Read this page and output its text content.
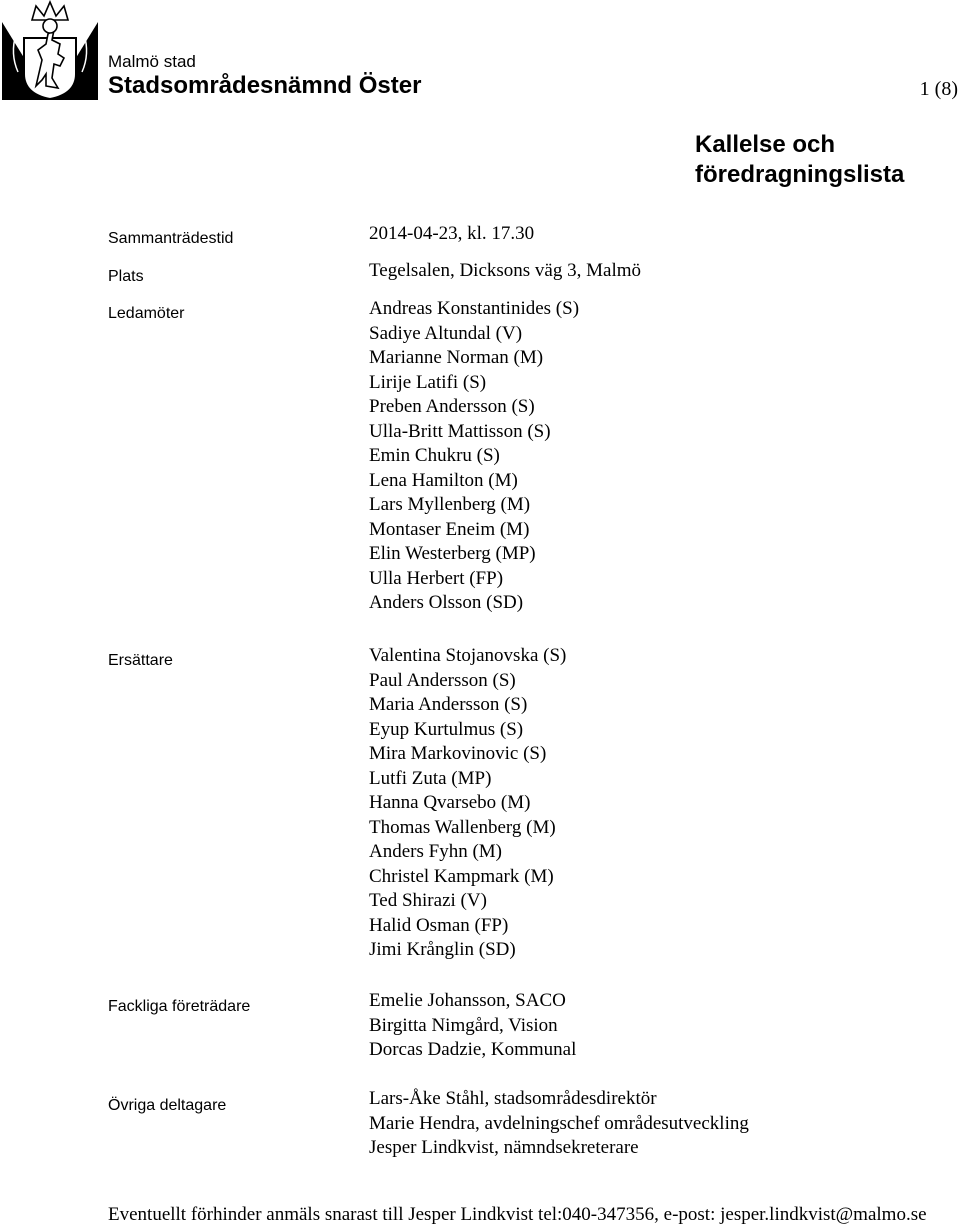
Malmö stad
Stadsområdesnämnd Öster	1 (8)
Kallelse och
föredragningslista
Sammanträdestid	2014-04-23, kl. 17.30
Plats	Tegelsalen, Dicksons väg 3, Malmö
Ledamöter	Andreas Konstantinides (S)
Sadiye Altundal (V)
Marianne Norman (M)
Lirije Latifi (S)
Preben Andersson (S)
Ulla-Britt Mattisson (S)
Emin Chukru (S)
Lena Hamilton (M)
Lars Myllenberg (M)
Montaser Eneim (M)
Elin Westerberg (MP)
Ulla Herbert (FP)
Anders Olsson (SD)
Ersättare	Valentina Stojanovska (S)
Paul Andersson (S)
Maria Andersson (S)
Eyup Kurtulmus (S)
Mira Markovinovic (S)
Lutfi Zuta (MP)
Hanna Qvarsebo (M)
Thomas Wallenberg (M)
Anders Fyhn (M)
Christel Kampmark (M)
Ted Shirazi (V)
Halid Osman (FP)
Jimi Krånglin (SD)
Fackliga företrädare	Emelie Johansson, SACO
Birgitta Nimgård, Vision
Dorcas Dadzie, Kommunal
Övriga deltagare	Lars-Åke Ståhl, stadsområdesdirektör
Marie Hendra, avdelningschef områdesutveckling
Jesper Lindkvist, nämndsekreterare
Eventuellt förhinder anmäls snarast till Jesper Lindkvist tel:040-347356, e-post: jesper.lindkvist@malmo.se
